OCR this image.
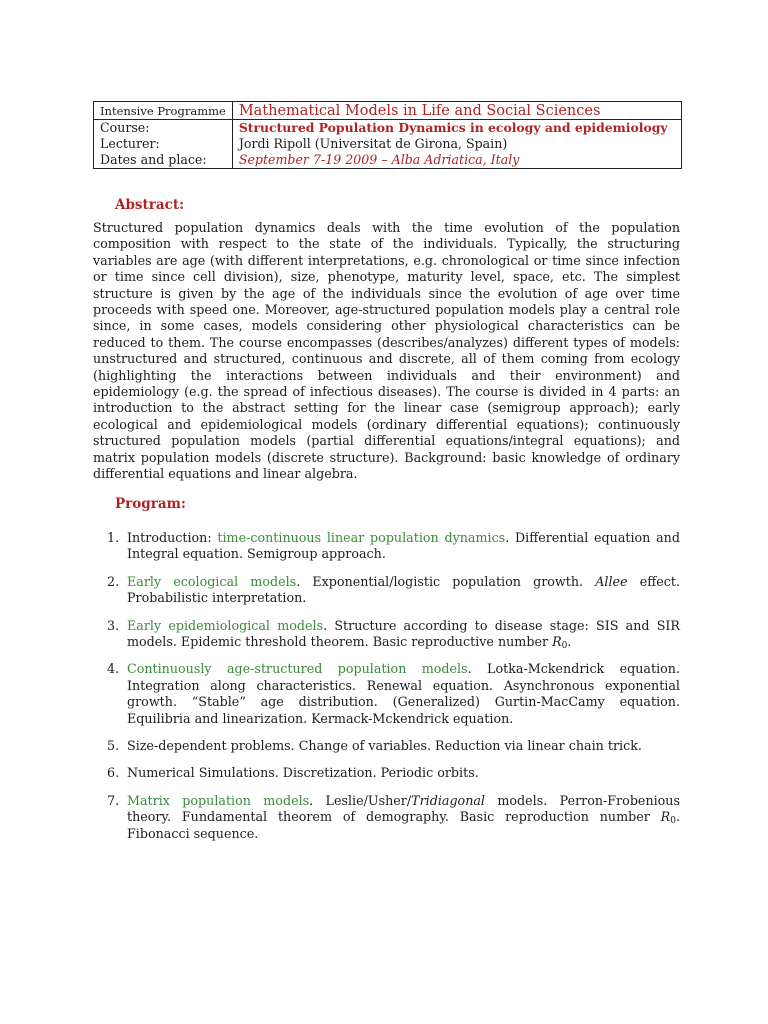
Intensive Programme	Mathematical Models in Life and Social Sciences
Course:	Structured Population Dynamics in ecology and epidemiology
Lecturer:	Jordi Ripoll (Universitat de Girona, Spain)
Dates and place:	September 7-19 2009 – Alba Adriatica, Italy
Abstract:

Structured population dynamics deals with the time evolution of the population composition with respect to the state of the individuals. Typically, the structuring variables are age (with different interpretations, e.g. chronological or time since infection or time since cell division), size, phenotype, maturity level, space, etc. The simplest structure is given by the age of the individuals since the evolution of age over time proceeds with speed one. Moreover, age-structured population models play a central role since, in some cases, models considering other physiological characteristics can be reduced to them. The course encompasses (describes/analyzes) different types of models: unstructured and structured, continuous and discrete, all of them coming from ecology (highlighting the interactions between individuals and their environment) and epidemiology (e.g. the spread of infectious diseases). The course is divided in 4 parts: an introduction to the abstract setting for the linear case (semigroup approach); early ecological and epidemiological models (ordinary differential equations); continuously structured population models (partial differential equations/integral equations); and matrix population models (discrete structure). Background: basic knowledge of ordinary differential equations and linear algebra.

Program:
1. Introduction: time-continuous linear population dynamics. Differential equation and Integral equation. Semigroup approach.
2. Early ecological models. Exponential/logistic population growth. Allee effect. Probabilistic interpretation.
3. Early epidemiological models. Structure according to disease stage: SIS and SIR models. Epidemic threshold theorem. Basic reproductive number $R_0$.
4. Continuously age-structured population models. Lotka-Mckendrick equation. Integration along characteristics. Renewal equation. Asynchronous exponential growth. “Stable” age distribution. (Generalized) Gurtin-MacCamy equation. Equilibria and linearization. Kermack-Mckendrick equation.
5. Size-dependent problems. Change of variables. Reduction via linear chain trick.
6. Numerical Simulations. Discretization. Periodic orbits.
7. Matrix population models. Leslie/Usher/Tridiagonal models. Perron-Frobenious theory. Fundamental theorem of demography. Basic reproduction number $R_0$. Fibonacci sequence.
